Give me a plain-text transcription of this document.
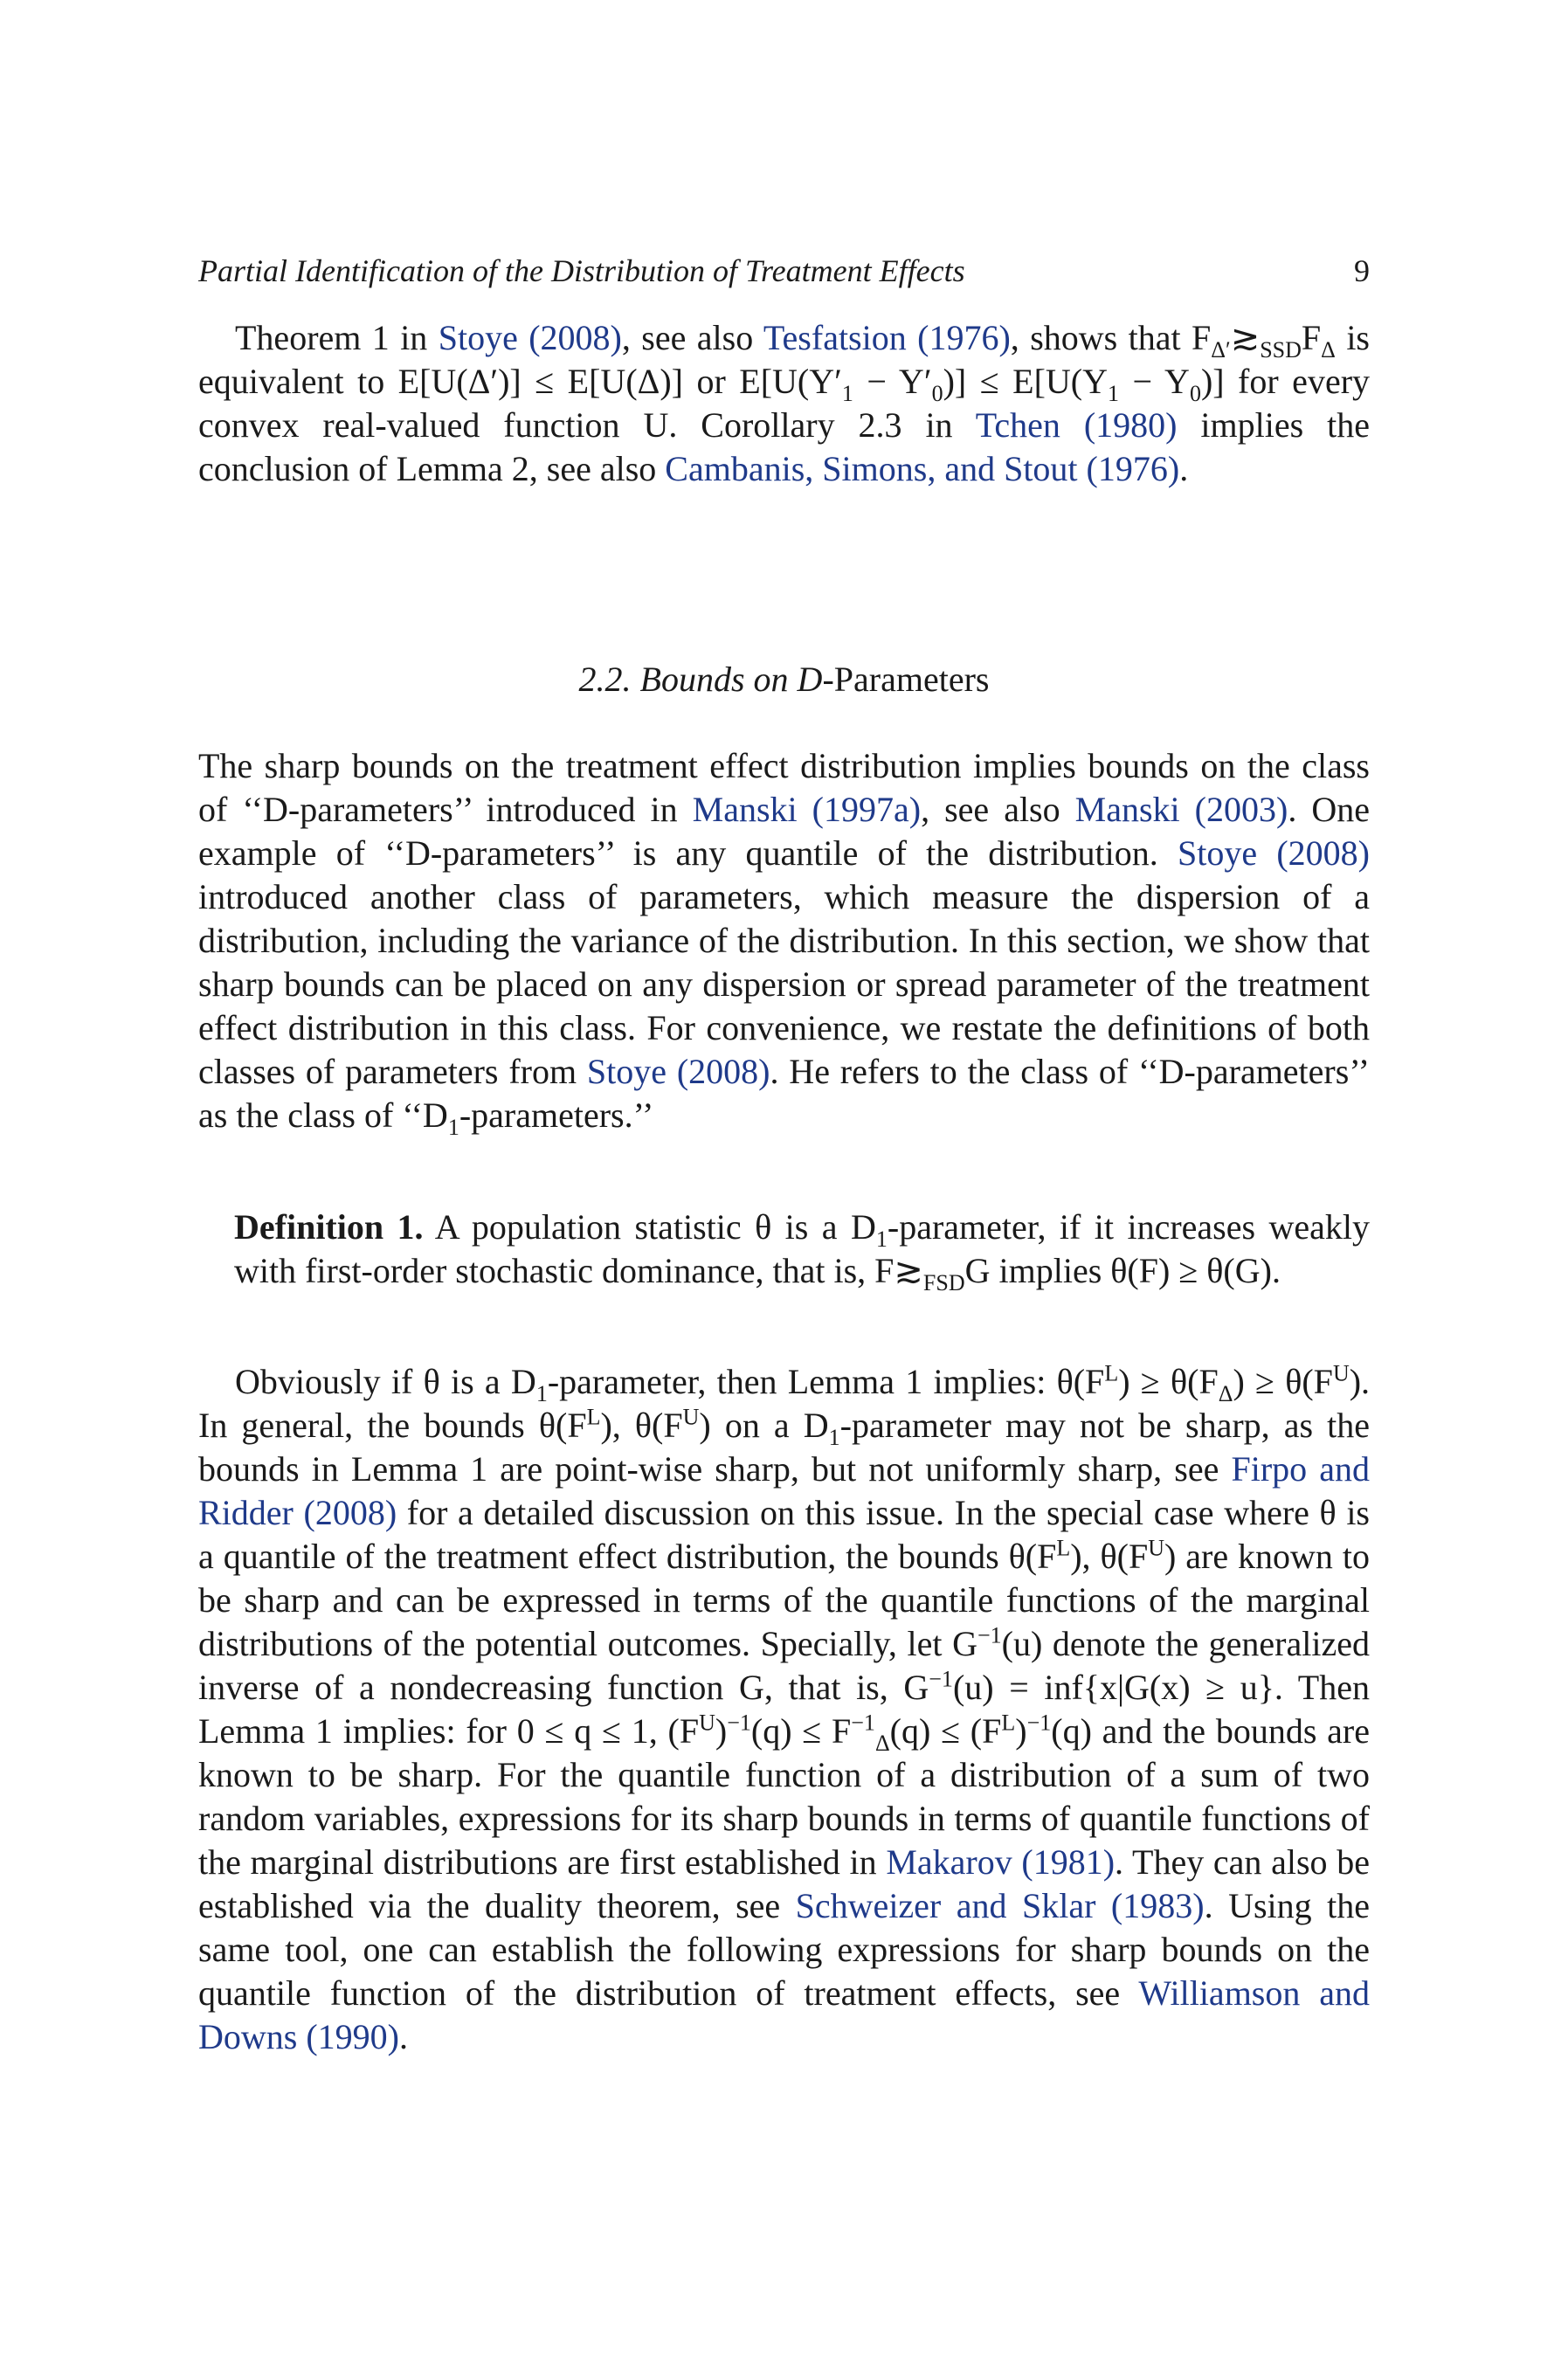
Partial Identification of the Distribution of Treatment Effects	9

Theorem 1 in Stoye (2008), see also Tesfatsion (1976), shows that $F_{\Delta'}≳_{SSD}F_\Delta$ is equivalent to E[U(Δ′)] ≤ E[U(Δ)] or $E[U(Y'_1 - Y'_0)] \le E[U(Y_1 - Y_0)]$ for every convex real-valued function U. Corollary 2.3 in Tchen (1980) implies the conclusion of Lemma 2, see also Cambanis, Simons, and Stout (1976).

2.2. Bounds on D-Parameters

The sharp bounds on the treatment effect distribution implies bounds on the class of ‘‘D-parameters’’ introduced in Manski (1997a), see also Manski (2003). One example of ‘‘D-parameters’’ is any quantile of the distribution. Stoye (2008) introduced another class of parameters, which measure the dispersion of a distribution, including the variance of the distribution. In this section, we show that sharp bounds can be placed on any dispersion or spread parameter of the treatment effect distribution in this class. For convenience, we restate the definitions of both classes of parameters from Stoye (2008). He refers to the class of ‘‘D-parameters’’ as the class of ‘‘$D_1$-parameters.’’

Definition 1. A population statistic θ is a $D_1$-parameter, if it increases weakly with first-order stochastic dominance, that is, $F≳_{FSD}G$ implies θ(F) ≥ θ(G).

Obviously if θ is a $D_1$-parameter, then Lemma 1 implies: $\theta(F^L) \ge \theta(F_\Delta) \ge \theta(F^U)$. In general, the bounds $\theta(F^L)$, $\theta(F^U)$ on a $D_1$-parameter may not be sharp, as the bounds in Lemma 1 are point-wise sharp, but not uniformly sharp, see Firpo and Ridder (2008) for a detailed discussion on this issue. In the special case where θ is a quantile of the treatment effect distribution, the bounds $\theta(F^L)$, $\theta(F^U)$ are known to be sharp and can be expressed in terms of the quantile functions of the marginal distributions of the potential outcomes. Specially, let $G^{-1}(u)$ denote the generalized inverse of a nondecreasing function G, that is, $G^{-1}(u) = inf\{x|G(x) \ge u\}$. Then Lemma 1 implies: for 0 ≤ q ≤ 1, $(F^U)^{-1}(q) \le F^{-1}_\Delta(q) \le (F^L)^{-1}(q)$ and the bounds are known to be sharp. For the quantile function of a distribution of a sum of two random variables, expressions for its sharp bounds in terms of quantile functions of the marginal distributions are first established in Makarov (1981). They can also be established via the duality theorem, see Schweizer and Sklar (1983). Using the same tool, one can establish the following expressions for sharp bounds on the quantile function of the distribution of treatment effects, see Williamson and Downs (1990).
